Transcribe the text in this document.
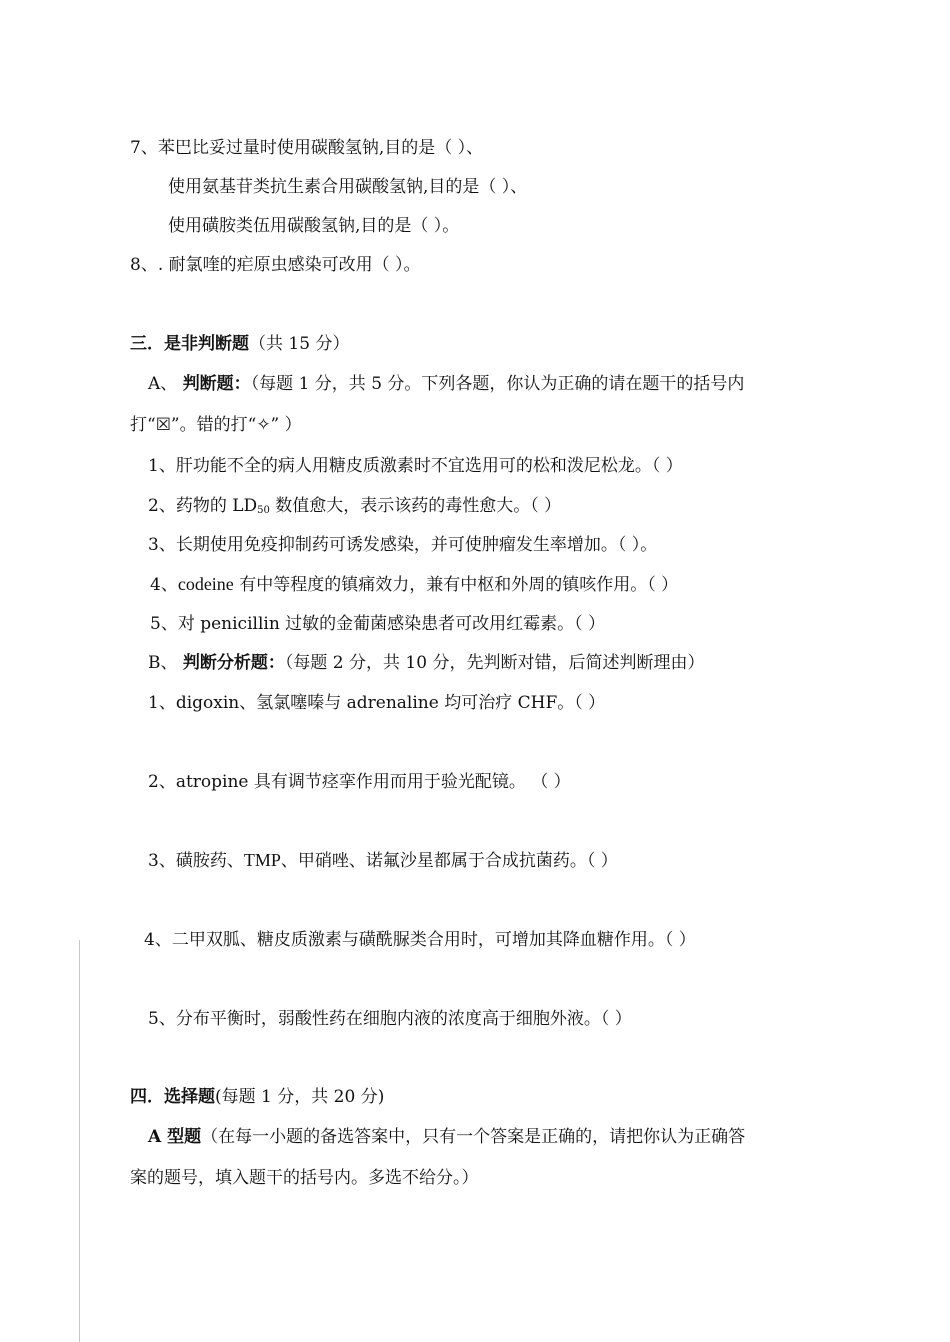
7、苯巴比妥过量时使用碳酸氢钠,目的是（ ）、
使用氨基苷类抗生素合用碳酸氢钠,目的是（ ）、
使用磺胺类伍用碳酸氢钠,目的是（ ）。
8、. 耐氯喹的疟原虫感染可改用（ ）。
三．是非判断题（共 15 分）
A、 判断题：（每题 1 分，共 5 分。下列各题，你认为正确的请在题干的括号内
打“☒”。错的打“✧” ）
1、肝功能不全的病人用糖皮质激素时不宜选用可的松和泼尼松龙。（ ）
2、药物的 $LD_{50}$ 数值愈大，表示该药的毒性愈大。（ ）
3、长期使用免疫抑制药可诱发感染，并可使肿瘤发生率增加。（ ）。
4、codeine 有中等程度的镇痛效力，兼有中枢和外周的镇咳作用。（ ）
5、对 penicillin 过敏的金葡菌感染患者可改用红霉素。（ ）
B、 判断分析题：（每题 2 分，共 10 分，先判断对错，后简述判断理由）
1、digoxin、氢氯噻嗪与 adrenaline 均可治疗 CHF。（ ）
2、atropine 具有调节痉挛作用而用于验光配镜。 （ ）
3、磺胺药、TMP、甲硝唑、诺氟沙星都属于合成抗菌药。（ ）
4、二甲双胍、糖皮质激素与磺酰脲类合用时，可增加其降血糖作用。（ ）
5、分布平衡时，弱酸性药在细胞内液的浓度高于细胞外液。（ ）
四．选择题(每题 1 分，共 20 分)
A 型题（在每一小题的备选答案中，只有一个答案是正确的，请把你认为正确答
案的题号，填入题干的括号内。多选不给分。）
